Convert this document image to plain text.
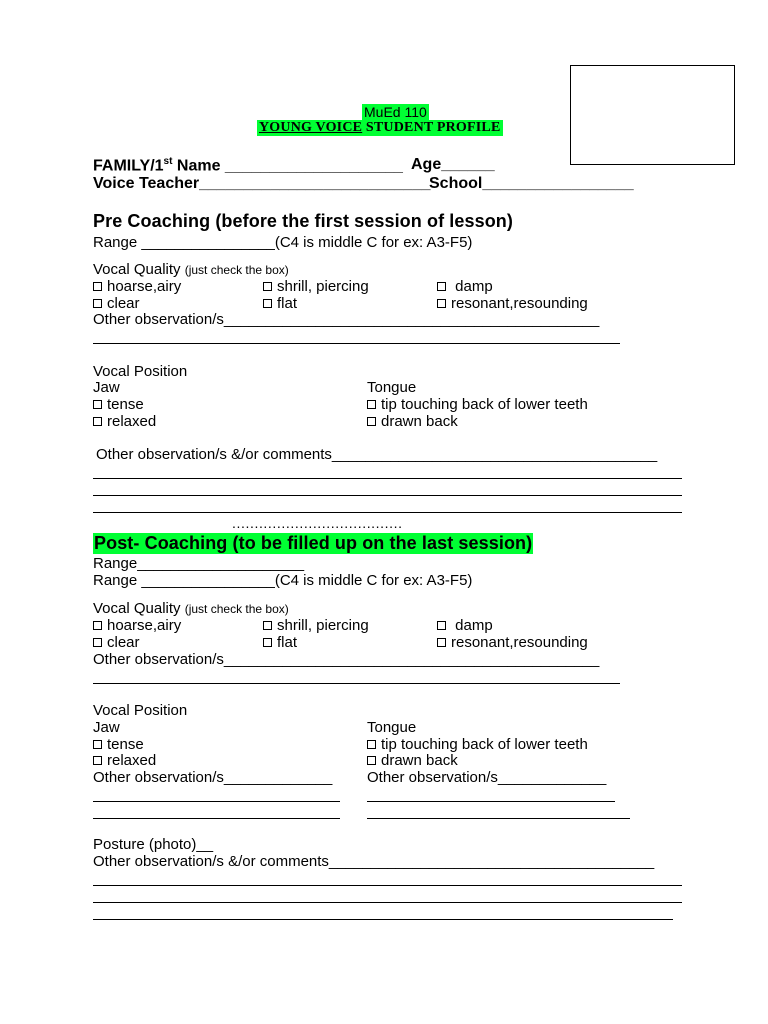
MuEd 110
YOUNG VOICE STUDENT PROFILE
FAMILY/1st Name ____________________ Age______
Voice Teacher__________________________
School_________________
Pre Coaching (before the first session of lesson)
Range ________________(C4 is middle C for ex: A3-F5)
Vocal Quality (just check the box)
hoarse,airy	shrill, piercing	damp
clear	flat	resonant,resounding
Other observation/s_____________________________________________
Vocal Position
Jaw	Tongue
tense	tip touching back of lower teeth
relaxed	drawn back
Other observation/s &/or comments_______________________________________
......................................
Post- Coaching (to be filled up on the last session)
Range____________________
Range ________________(C4 is middle C for ex: A3-F5)
Vocal Quality (just check the box)
hoarse,airy	shrill, piercing	damp
clear	flat	resonant,resounding
Other observation/s_____________________________________________
Vocal Position
Jaw	Tongue
tense	tip touching back of lower teeth
relaxed	drawn back
Other observation/s_____________ Other observation/s_____________
Posture (photo)__
Other observation/s &/or comments_______________________________________
